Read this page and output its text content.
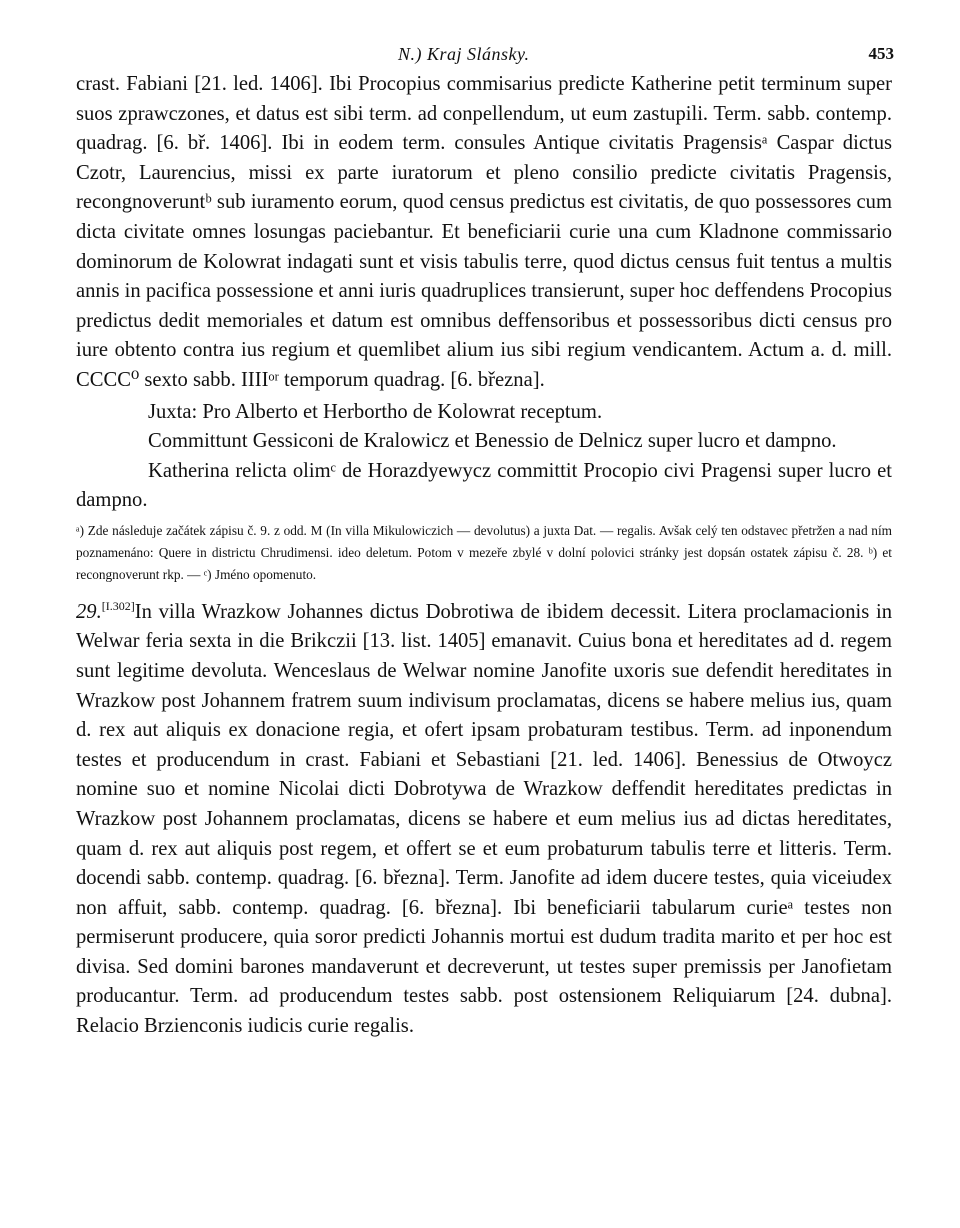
N.) Kraj Slánsky.	453

crast. Fabiani [21. led. 1406]. Ibi Procopius commisarius predicte Katherine petit terminum super suos zprawczones, et datus est sibi term. ad conpellendum, ut eum zastupili. Term. sabb. contemp. quadrag. [6. bř. 1406]. Ibi in eodem term. consules Antique civitatis Pragensisᵃ Caspar dictus Czotr, Laurencius, missi ex parte iuratorum et pleno consilio predicte civitatis Pragensis, recongnoveruntᵇ sub iuramento eorum, quod census predictus est civitatis, de quo possessores cum dicta civitate omnes losungas paciebantur. Et beneficiarii curie una cum Kladnone commissario dominorum de Kolowrat indagati sunt et visis tabulis terre, quod dictus census fuit tentus a multis annis in pacifica possessione et anni iuris quadruplices transierunt, super hoc deffendens Procopius predictus dedit memoriales et datum est omnibus deffensoribus et possessoribus dicti census pro iure obtento contra ius regium et quemlibet alium ius sibi regium vendicantem. Actum a. d. mill. CCCC⁰ sexto sabb. IIIIᵒʳ temporum quadrag. [6. března].

Juxta: Pro Alberto et Herbortho de Kolowrat receptum.

Committunt Gessiconi de Kralowicz et Benessio de Delnicz super lucro et dampno.

Katherina relicta olimᶜ de Horazdyewycz committit Procopio civi Pragensi super lucro et dampno.

ᵃ) Zde následuje začátek zápisu č. 9. z odd. M (In villa Mikulowiczich — devolutus) a juxta Dat. — regalis. Avšak celý ten odstavec přetržen a nad ním poznamenáno: Quere in districtu Chrudimensi. ideo deletum. Potom v mezeře zbylé v dolní polovici stránky jest dopsán ostatek zápisu č. 28. ᵇ) et recongnoverunt rkp. — ᶜ) Jméno opomenuto.

29.[I.302]In villa Wrazkow Johannes dictus Dobrotiwa de ibidem decessit. Litera proclamacionis in Welwar feria sexta in die Brikczii [13. list. 1405] emanavit. Cuius bona et hereditates ad d. regem sunt legitime devoluta. Wenceslaus de Welwar nomine Janofite uxoris sue defendit hereditates in Wrazkow post Johannem fratrem suum indivisum proclamatas, dicens se habere melius ius, quam d. rex aut aliquis ex donacione regia, et ofert ipsam probaturam testibus. Term. ad inponendum testes et producendum in crast. Fabiani et Sebastiani [21. led. 1406]. Benessius de Otwoycz nomine suo et nomine Nicolai dicti Dobrotywa de Wrazkow deffendit hereditates predictas in Wrazkow post Johannem proclamatas, dicens se habere et eum melius ius ad dictas hereditates, quam d. rex aut aliquis post regem, et offert se et eum probaturum tabulis terre et litteris. Term. docendi sabb. contemp. quadrag. [6. března]. Term. Janofite ad idem ducere testes, quia viceiudex non affuit, sabb. contemp. quadrag. [6. března]. Ibi beneficiarii tabularum curieᵃ testes non permiserunt producere, quia soror predicti Johannis mortui est dudum tradita marito et per hoc est divisa. Sed domini barones mandaverunt et decreverunt, ut testes super premissis per Janofietam producantur. Term. ad producendum testes sabb. post ostensionem Reliquiarum [24. dubna]. Relacio Brzienconis iudicis curie regalis.
